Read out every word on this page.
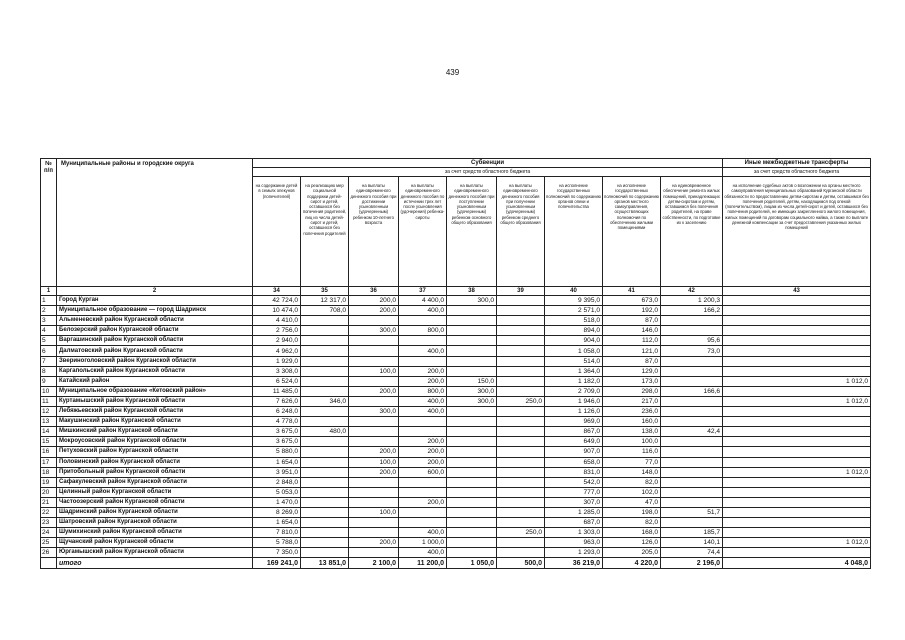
439
№ п/п	Муниципальные районы и городские округа	Субвенции									Иные межбюджетные трансферты
		за счет средств областного бюджета									за счет средств областного бюджета
		на содержание детей в семьях опекунов (попечителей)	на реализацию мер социальной поддержки детей-сирот и детей, оставшихся без попечения родителей, лиц из числа детей-сирот и детей, оставшихся без попечения родителей	на выплаты единовременного денежного пособия при достижении усыновленным (удочеренным) ребенком 10-летнего возраста	на выплаты единовременного денежного пособия по истечении трех лет после усыновления (удочерения) ребенка-сироты	на выплаты единовременного денежного пособия при поступлении усыновленным (удочеренным) ребенком основного общего образования	на выплаты единовременного денежного пособия при получении усыновленным (удочеренным) ребенком среднего общего образования	на исполнение государственных полномочий по содержанию органов опеки и попечительства	на исполнение государственных полномочий по содержанию органов местного самоуправления, осуществляющих полномочия по обеспечению жилыми помещениями	на единовременное обеспечение ремонта жилых помещений, принадлежащих детям-сиротам и детям, оставшимся без попечения родителей, на праве собственности, по подготовке их к заселению	на исполнение судебных актов о возложении на органы местного самоуправления муниципальных образований Курганской области обязанности по предоставлению детям-сиротам и детям, оставшимся без попечения родителей, детям, находящимся под опекой (попечительством), лицам из числа детей-сирот и детей, оставшихся без попечения родителей, не имеющих закрепленного жилого помещения, жилых помещений по договорам социального найма, а также по выплате денежной компенсации за счет предоставления указанных жилых помещений
1	2	34	35	36	37	38	39	40	41	42	43
1	Город Курган	42 724,0	12 317,0	200,0	4 400,0	300,0		9 395,0	673,0	1 200,3	
2	Муниципальное образование — город Шадринск	10 474,0	708,0	200,0	400,0			2 571,0	192,0	166,2	
3	Альменевский район Курганской области	4 410,0						518,0	87,0		
4	Белозерский район Курганской области	2 756,0		300,0	800,0			894,0	146,0		
5	Варгашинский район Курганской области	2 940,0						904,0	112,0	95,6	
6	Далматовский район Курганской области	4 962,0			400,0			1 058,0	121,0	73,0	
7	Звериноголовский район Курганской области	1 929,0						514,0	87,0		
8	Каргапольский район Курганской области	3 308,0		100,0	200,0			1 364,0	129,0		
9	Катайский район	6 524,0			200,0	150,0		1 182,0	173,0		1 012,0
10	Муниципальное образование «Кетовский район»	11 485,0		200,0	800,0	300,0		2 709,0	298,0	166,6	
11	Куртамышский район Курганской области	7 626,0	346,0		400,0	300,0	250,0	1 946,0	217,0		1 012,0
12	Лебяжьевский район Курганской области	6 248,0		300,0	400,0			1 126,0	236,0		
13	Макушинский район Курганской области	4 778,0						969,0	160,0		
14	Мишкинский район Курганской области	3 675,0	480,0					867,0	138,0	42,4	
15	Мокроусовский район Курганской области	3 675,0			200,0			649,0	100,0		
16	Петуховский район Курганской области	5 880,0		200,0	200,0			907,0	116,0		
17	Половинский район Курганской области	1 654,0		100,0	200,0			658,0	77,0		
18	Притобольный район Курганской области	3 951,0		200,0	600,0			831,0	148,0		1 012,0
19	Сафакулевский район Курганской области	2 848,0						542,0	82,0		
20	Целинный район Курганской области	5 053,0						777,0	102,0		
21	Частоозерский район Курганской области	1 470,0			200,0			307,0	47,0		
22	Шадринский район Курганской области	8 269,0		100,0				1 285,0	198,0	51,7	
23	Шатровский район Курганской области	1 654,0						687,0	82,0		
24	Шумихинский район Курганской области	7 810,0			400,0		250,0	1 303,0	168,0	185,7	
25	Щучанский район Курганской области	5 788,0		200,0	1 000,0			963,0	126,0	140,1	1 012,0
26	Юргамышский район Курганской области	7 350,0			400,0			1 293,0	205,0	74,4	
	итого	169 241,0	13 851,0	2 100,0	11 200,0	1 050,0	500,0	36 219,0	4 220,0	2 196,0	4 048,0
